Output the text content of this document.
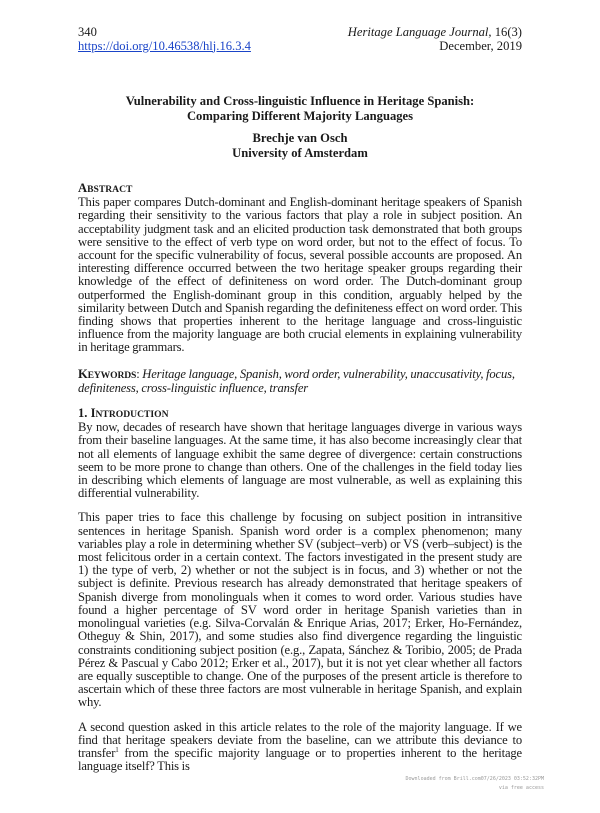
340
https://doi.org/10.46538/hlj.16.3.4
Heritage Language Journal, 16(3)
December, 2019
Vulnerability and Cross-linguistic Influence in Heritage Spanish:
Comparing Different Majority Languages
Brechje van Osch
University of Amsterdam
ABSTRACT

This paper compares Dutch-dominant and English-dominant heritage speakers of Spanish regarding their sensitivity to the various factors that play a role in subject position. An acceptability judgment task and an elicited production task demonstrated that both groups were sensitive to the effect of verb type on word order, but not to the effect of focus. To account for the specific vulnerability of focus, several possible accounts are proposed. An interesting difference occurred between the two heritage speaker groups regarding their knowledge of the effect of definiteness on word order. The Dutch-dominant group outperformed the English-dominant group in this condition, arguably helped by the similarity between Dutch and Spanish regarding the definiteness effect on word order. This finding shows that properties inherent to the heritage language and cross-linguistic influence from the majority language are both crucial elements in explaining vulnerability in heritage grammars.

KEYWORDS: Heritage language, Spanish, word order, vulnerability, unaccusativity, focus, definiteness, cross-linguistic influence, transfer
1. INTRODUCTION

By now, decades of research have shown that heritage languages diverge in various ways from their baseline languages. At the same time, it has also become increasingly clear that not all elements of language exhibit the same degree of divergence: certain constructions seem to be more prone to change than others. One of the challenges in the field today lies in describing which elements of language are most vulnerable, as well as explaining this differential vulnerability.

This paper tries to face this challenge by focusing on subject position in intransitive sentences in heritage Spanish. Spanish word order is a complex phenomenon; many variables play a role in determining whether SV (subject–verb) or VS (verb–subject) is the most felicitous order in a certain context. The factors investigated in the present study are 1) the type of verb, 2) whether or not the subject is in focus, and 3) whether or not the subject is definite. Previous research has already demonstrated that heritage speakers of Spanish diverge from monolinguals when it comes to word order. Various studies have found a higher percentage of SV word order in heritage Spanish varieties than in monolingual varieties (e.g. Silva-Corvalán & Enrique Arias, 2017; Erker, Ho-Fernández, Otheguy & Shin, 2017), and some studies also find divergence regarding the linguistic constraints conditioning subject position (e.g., Zapata, Sánchez & Toribio, 2005; de Prada Pérez & Pascual y Cabo 2012; Erker et al., 2017), but it is not yet clear whether all factors are equally susceptible to change. One of the purposes of the present article is therefore to ascertain which of these three factors are most vulnerable in heritage Spanish, and explain why.

A second question asked in this article relates to the role of the majority language. If we find that heritage speakers deviate from the baseline, can we attribute this deviance to transfer$^1$ from the specific majority language or to properties inherent to the heritage language itself? This is

Downloaded from Brill.com07/26/2023 03:52:32PM
via free access
